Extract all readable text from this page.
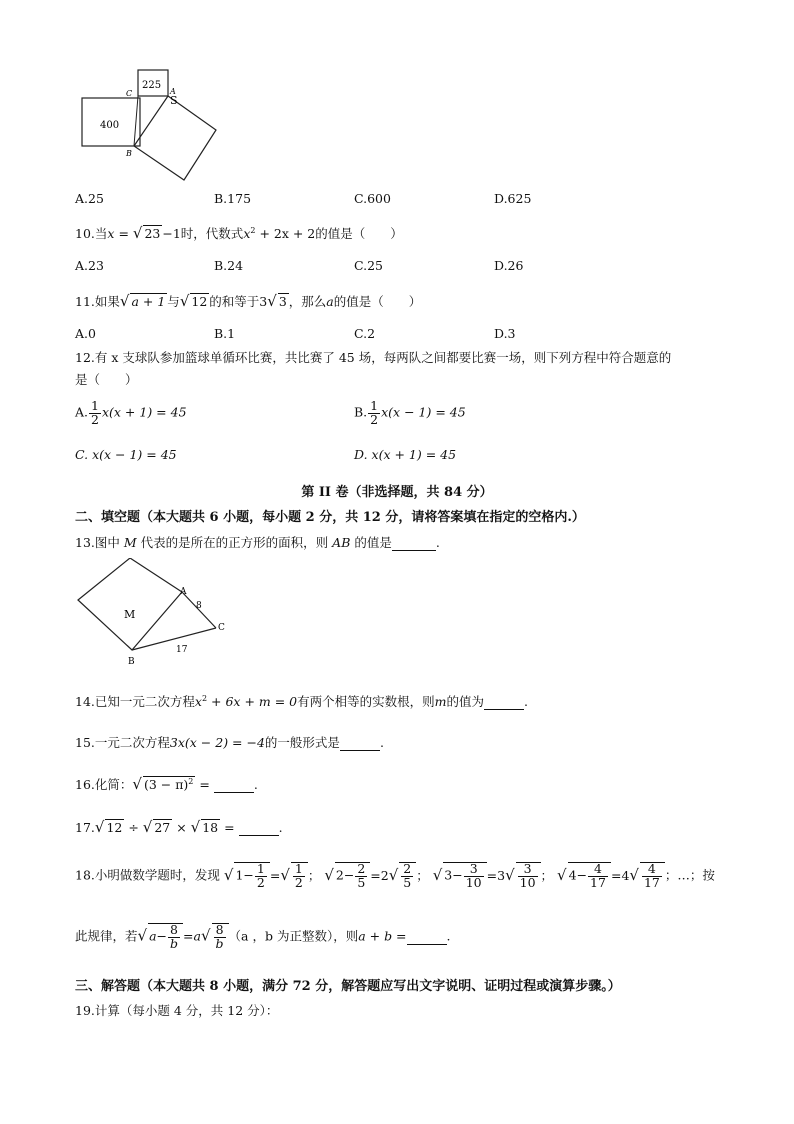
225
400
S
A
B
C
A.25	B.175	C.600	D.625
10.当x = √ 23 −1时，代数式$x^2 + 2x + 2$的值是（　　）
A.23	B.24	C.25	D.26
11.如果√ a + 1 与√ 12 的和等于3√ 3 ，那么a的值是（　　）
A.0	B.1	C.2	D.3
12.有 x 支球队参加篮球单循环比赛，共比赛了 45 场，每两队之间都要比赛一场，则下列方程中符合题意的
是（　　）
A. $\frac{1}{2} x(x + 1) = 45$	B. $\frac{1}{2} x(x - 1) = 45$
C. x(x − 1) = 45	D. x(x + 1) = 45
第 II 卷（非选择题，共 84 分）
二、填空题（本大题共 6 小题，每小题 2 分，共 12 分，请将答案填在指定的空格内.）
13.图中 M 代表的是所在的正方形的面积，则 AB 的值是	.
M
A
B
C
8
17
14.已知一元二次方程$x^2 + 6x + m = 0$有两个相等的实数根，则m的值为	.
15.一元二次方程3x(x − 2) = −4的一般形式是	.
16.化简：√ $(3 - \pi)^2$ =	.
17.√ 12 ÷ √ 27 × √ 18 =	.
18.小明做数学题时，发现 √ $1- \frac{1}{2}$ =√ $\frac{1}{2}$ ； √ $2- \frac{2}{5} =2√ \frac{2}{5}$ ； √ $3- \frac{3}{10} =3√ \frac{3}{10}$ ； √ $4- \frac{4}{17} =4√ \frac{4}{17}$ ；…；按
此规律，若√ $a- \frac{8}{b} =a√ \frac{8}{b} (a$ ，b 为正整数），则a + b =	.
三、解答题（本大题共 8 小题，满分 72 分，解答题应写出文字说明、证明过程或演算步骤。）
19.计算（每小题 4 分，共 12 分）：
